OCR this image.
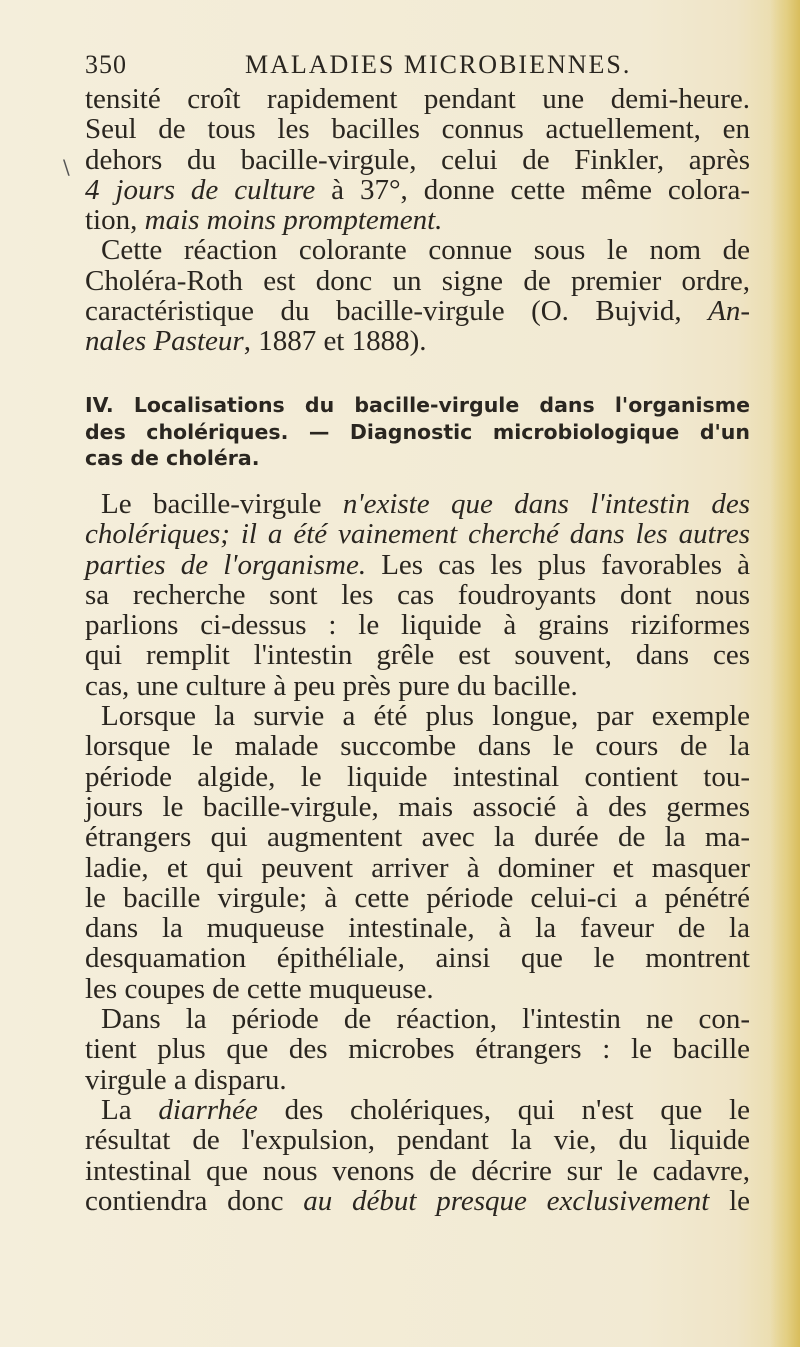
350	MALADIES MICROBIENNES.
\
tensité croît rapidement pendant une demi-heure.
Seul de tous les bacilles connus actuellement, en
dehors du bacille-virgule, celui de Finkler, après
4 jours de culture à 37°, donne cette même colora-
tion, mais moins promptement.
Cette réaction colorante connue sous le nom de
Choléra-Roth est donc un signe de premier ordre,
caractéristique du bacille-virgule (O. Bujvid, An-
nales Pasteur, 1887 et 1888).
IV. Localisations du bacille-virgule dans l'organisme
des cholériques. — Diagnostic microbiologique d'un
cas de choléra.
Le bacille-virgule n'existe que dans l'intestin des
cholériques; il a été vainement cherché dans les autres
parties de l'organisme. Les cas les plus favorables à
sa recherche sont les cas foudroyants dont nous
parlions ci-dessus : le liquide à grains riziformes
qui remplit l'intestin grêle est souvent, dans ces
cas, une culture à peu près pure du bacille.
Lorsque la survie a été plus longue, par exemple
lorsque le malade succombe dans le cours de la
période algide, le liquide intestinal contient tou-
jours le bacille-virgule, mais associé à des germes
étrangers qui augmentent avec la durée de la ma-
ladie, et qui peuvent arriver à dominer et masquer
le bacille virgule; à cette période celui-ci a pénétré
dans la muqueuse intestinale, à la faveur de la
desquamation épithéliale, ainsi que le montrent
les coupes de cette muqueuse.
Dans la période de réaction, l'intestin ne con-
tient plus que des microbes étrangers : le bacille
virgule a disparu.
La diarrhée des cholériques, qui n'est que le
résultat de l'expulsion, pendant la vie, du liquide
intestinal que nous venons de décrire sur le cadavre,
contiendra donc au début presque exclusivement le
